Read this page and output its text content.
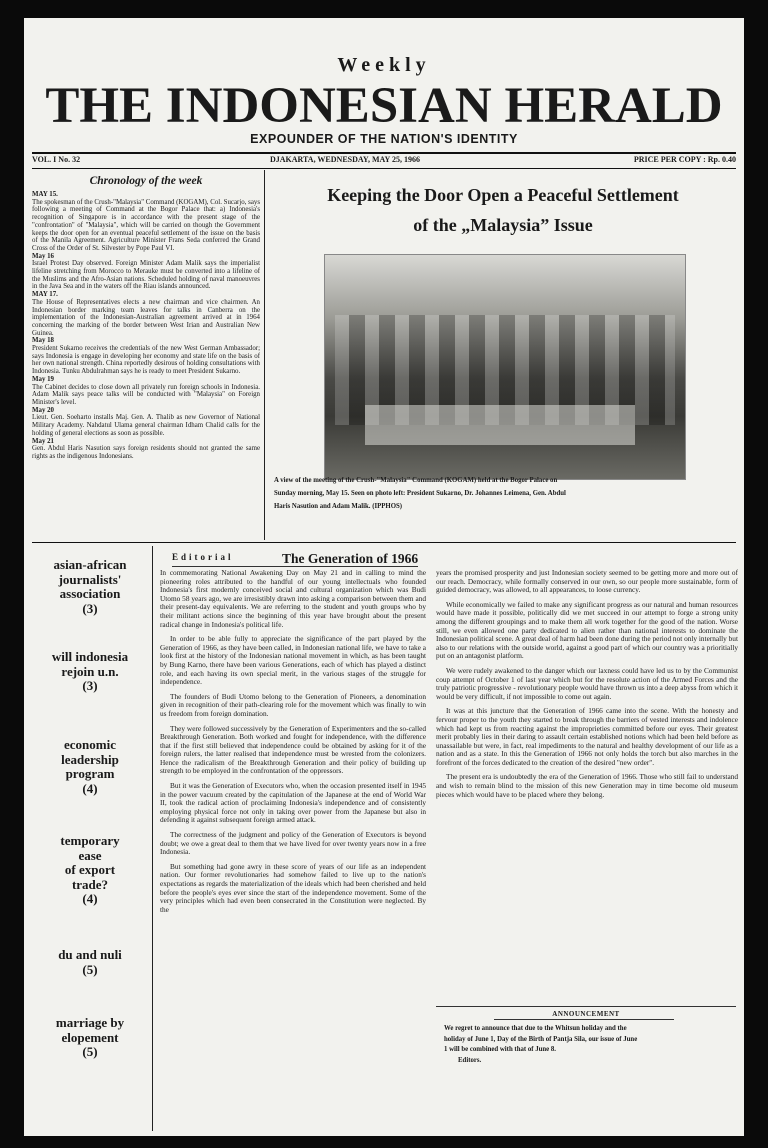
Weekly
THE INDONESIAN HERALD
EXPOUNDER OF THE NATION'S IDENTITY
VOL. I No. 32	DJAKARTA, WEDNESDAY, MAY 25, 1966	PRICE PER COPY : Rp. 0.40
Chronology of the week

MAY 15.
The spokesman of the Crush-"Malaysia" Command (KOGAM), Col. Sucarjo, says following a meeting of Command at the Bogor Palace that: a) Indonesia's recognition of Singapore is in accordance with the present stage of the "confrontation" of "Malaysia", which will be carried on though the Government keeps the door open for an eventual peaceful settlement of the issue on the basis of the Manila Agreement. Agriculture Minister Frans Seda conferred the Grand Cross of the Order of St. Silvester by Pope Paul VI.

May 16
Israel Protest Day observed. Foreign Minister Adam Malik says the imperialist lifeline stretching from Morocco to Merauke must be converted into a lifeline of the Muslims and the Afro-Asian nations. Scheduled holding of naval manoeuvres in the Java Sea and in the waters off the Riau islands announced.

MAY 17.
The House of Representatives elects a new chairman and vice chairmen. An Indonesian border marking team leaves for talks in Canberra on the implementation of the Indonesian-Australian agreement arrived at in 1964 concerning the marking of the border between West Irian and Australian New Guinea.

May 18
President Sukarno receives the credentials of the new West German Ambassador; says Indonesia is engage in developing her economy and state life on the basis of her own national strength. China reportedly desirous of holding consultations with Indonesia. Tunku Abdulrahman says he is ready to meet President Sukarno.

May 19
The Cabinet decides to close down all privately run foreign schools in Indonesia. Adam Malik says peace talks will be conducted with "Malaysia" on Foreign Minister's level.

May 20
Lieut. Gen. Soeharto installs Maj. Gen. A. Thalib as new Governor of National Military Academy. Nahdatul Ulama general chairman Idham Chalid calls for the holding of general elections as soon as possible.

May 21
Gen. Abdul Haris Nasution says foreign residents should not granted the same rights as the indigenous Indonesians.

Keeping the Door Open a Peaceful Settlement
of the „Malaysia” Issue
A view of the meeting of the Crush-"Malaysia" Command (KOGAM) held at the Bogor Palace on
Sunday morning, May 15. Seen on photo left: President Sukarno, Dr. Johannes Leimena, Gen. Abdul
Haris Nasution and Adam Malik. (IPPHOS)
asian-african
journalists'
association
(3)
will indonesia
rejoin u.n.
(3)
economic
leadership
program
(4)
temporary
ease
of export
trade?
(4)
du and nuli
(5)
marriage by
elopement
(5)
Editorial	The Generation of 1966

In commemorating National Awakening Day on May 21 and in calling to mind the pioneering roles attributed to the handful of our young intellectuals who founded Indonesia's first modernly conceived social and cultural organization which was Budi Utomo 58 years ago, we are irresistibly drawn into asking a comparison between them and their present-day equivalents. We are referring to the student and youth groups who by their militant actions since the beginning of this year have brought about the present radical change in Indonesia's political life.

In order to be able fully to appreciate the significance of the part played by the Generation of 1966, as they have been called, in Indonesian national life, we have to take a look first at the history of the Indonesian national movement in which, as has been taught by Bung Karno, there have been various Generations, each of which has played a distinct role, and each having its own special merit, in the various stages of the struggle for independence.

The founders of Budi Utomo belong to the Generation of Pioneers, a denomination given in recognition of their path-clearing role for the movement which was finally to win us freedom from foreign domination.

They were followed successively by the Generation of Experimenters and the so-called Breakthrough Generation. Both worked and fought for independence, with the difference that if the first still believed that independence could be obtained by asking for it of the foreign rulers, the latter realised that independence must be wrested from the colonizers. Hence the radicalism of the Breakthrough Generation and their policy of building up strength to be employed in the confrontation of the oppressors.

But it was the Generation of Executors who, when the occasion presented itself in 1945 in the power vacuum created by the capitulation of the Japanese at the end of World War II, took the radical action of proclaiming Indonesia's independence and of consistently employing physical force not only in taking over power from the Japanese but also in defending it against subsequent foreign armed attack.

The correctness of the judgment and policy of the Generation of Executors is beyond doubt; we owe a great deal to them that we have lived for over twenty years now in a free Indonesia.

But something had gone awry in these score of years of our life as an independent nation. Our former revolutionaries had somehow failed to live up to the nation's expectations as regards the materialization of the ideals which had been cherished and held before the people's eyes ever since the start of the independence movement. Some of the very principles which had even been consecrated in the Constitution were neglected. By the

years the promised prosperity and just Indonesian society seemed to be getting more and more out of our reach. Democracy, while formally conserved in our own, so our people more sustainable, form of guided democracy, was allowed, to all appearances, to loose currency.

While economically we failed to make any significant progress as our natural and human resources would have made it possible, politically did we met succeed in our attempt to forge a strong unity among the different groupings and to make them all work together for the good of the nation. Worse still, we even allowed one party dedicated to alien rather than national interests to dominate the Indonesian political scene. A great deal of harm had been done during the period not only internally but also to our relations with the outside world, against a good part of which our country was a prioritially put on an antagonist platform.

We were rudely awakened to the danger which our laxness could have led us to by the Communist coup attempt of October 1 of last year which but for the resolute action of the Armed Forces and the truly patriotic progressive - revolutionary people would have thrown us into a deep abyss from which it would be very difficult, if not impossible to come out again.

It was at this juncture that the Generation of 1966 came into the scene. With the honesty and fervour proper to the youth they started to break through the barriers of vested interests and indolence which had kept us from reacting against the improprieties committed before our eyes. Their greatest merit probably lies in their daring to assault certain established notions which had been held before as unassailable but were, in fact, real impediments to the natural and healthy development of our life as a nation and as a state. In this the Generation of 1966 not only holds the torch but also marches in the forefront of the forces dedicated to the creation of the desired "new order".

The present era is undoubtedly the era of the Generation of 1966. Those who still fail to understand and wish to remain blind to the mission of this new Generation may in time become old museum pieces which would have to be placed where they belong.

ANNOUNCEMENT
We regret to announce that due to the Whitsun holiday and the
holiday of June 1, Day of the Birth of Pantja Sila, our issue of June
1 will be combined with that of June 8.
Editors.
